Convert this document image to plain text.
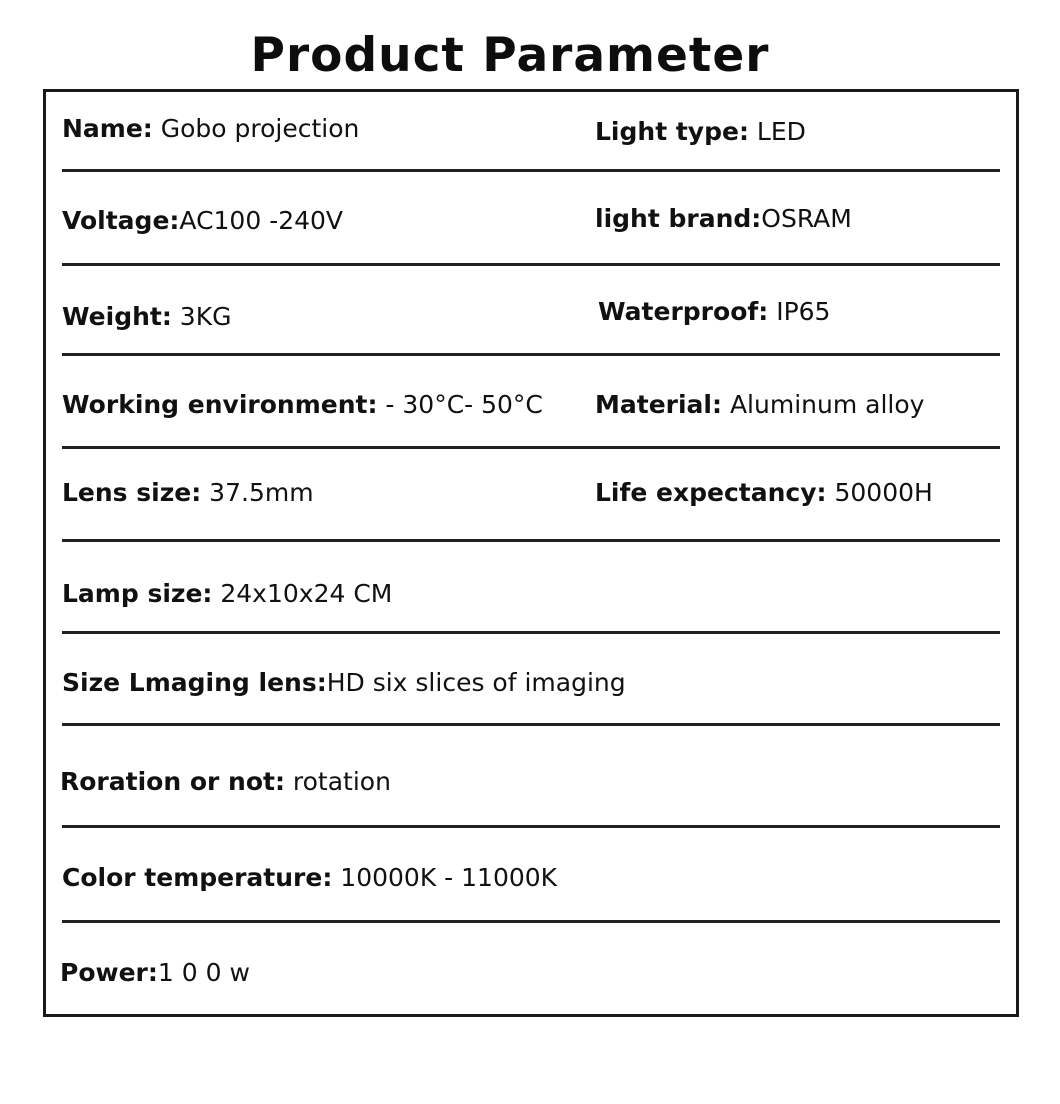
Product Parameter
Name: Gobo projection	Light type: LED
Voltage:AC100 -240V	light brand:OSRAM
Weight: 3KG	Waterproof: IP65
Working environment: - 30°C- 50°C Material: Aluminum alloy
Lens size: 37.5mm	Life expectancy: 50000H
Lamp size: 24x10x24 CM
Size Lmaging lens:HD six slices of imaging
Roration or not: rotation
Color temperature: 10000K - 11000K
Power:1 0 0 w
